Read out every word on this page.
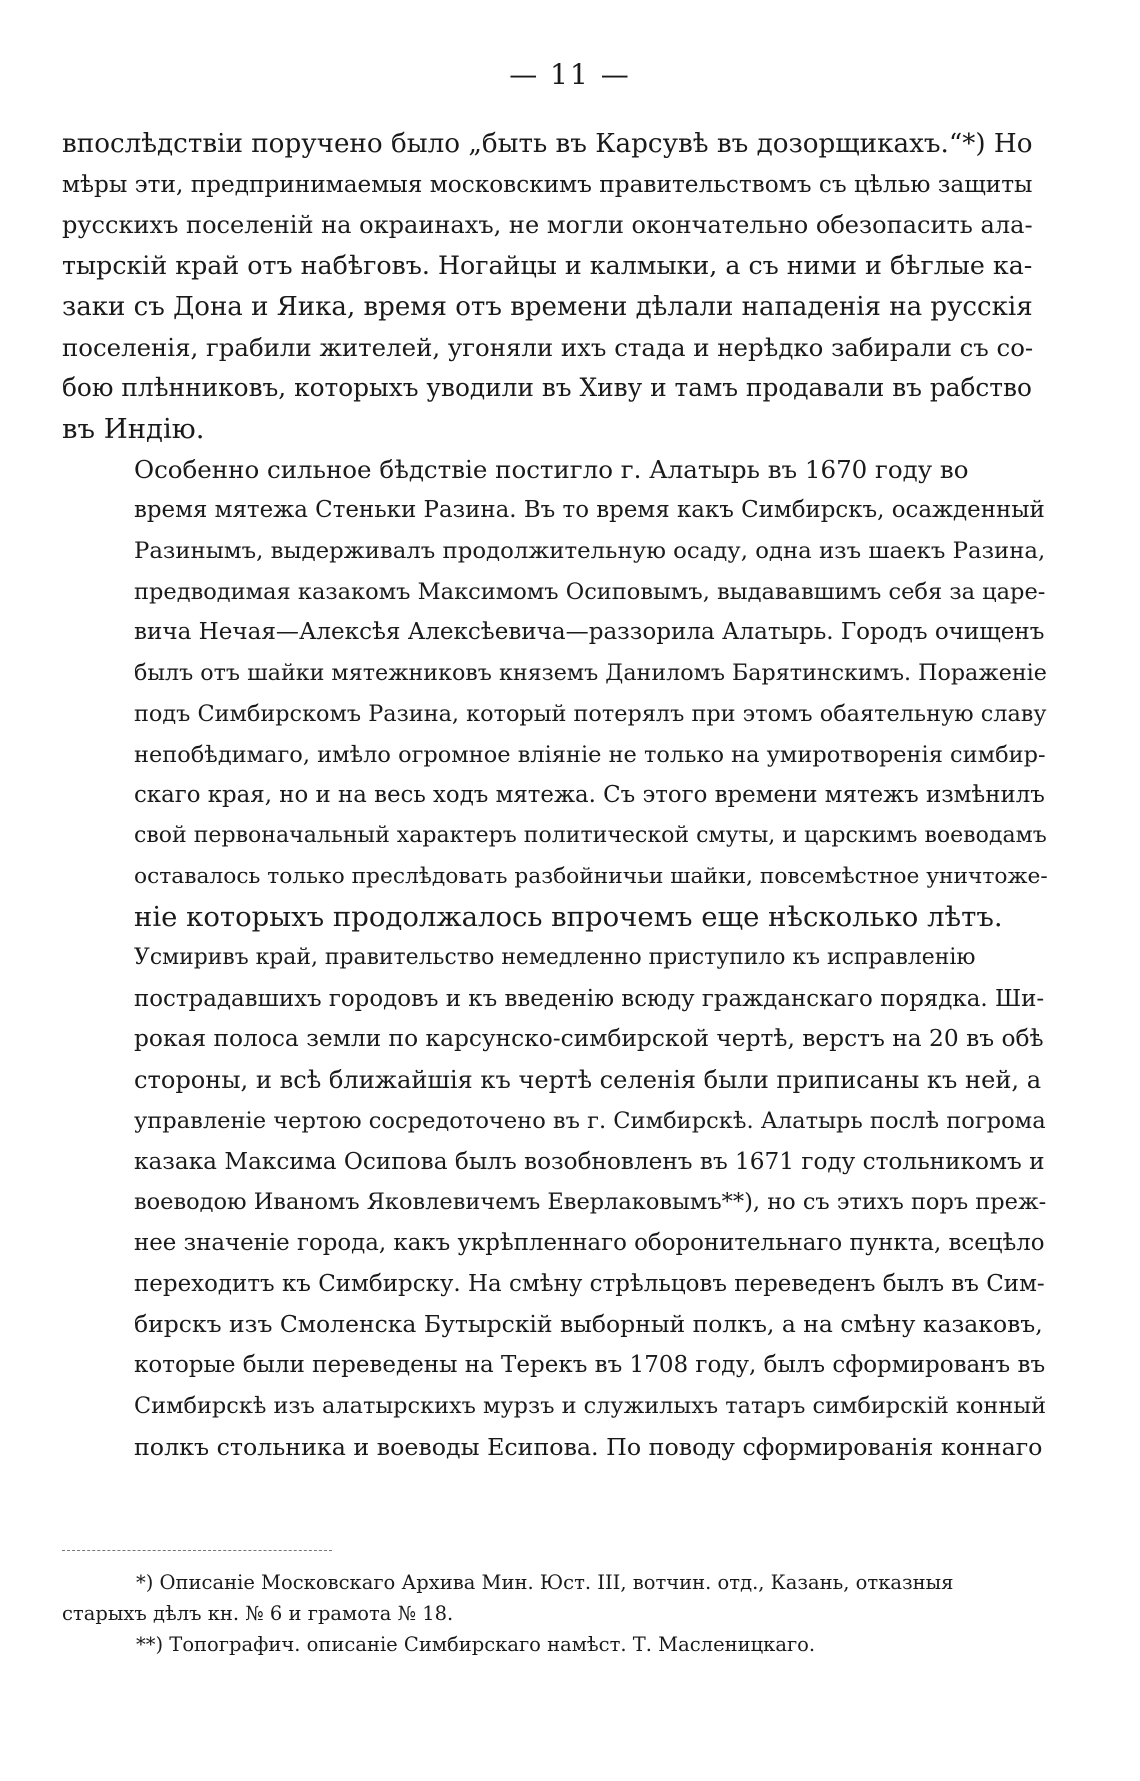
— 11 —

впослѣдствіи поручено было „быть въ Карсувѣ въ дозорщикахъ.“*) Но
мѣры эти, предпринимаемыя московскимъ правительствомъ съ цѣлью защиты
русскихъ поселеній на окраинахъ, не могли окончательно обезопасить ала-
тырскій край отъ набѣговъ. Ногайцы и калмыки, а съ ними и бѣглые ка-
заки съ Дона и Яика, время отъ времени дѣлали нападенія на русскія
поселенія, грабили жителей, угоняли ихъ стада и нерѣдко забирали съ со-
бою плѣнниковъ, которыхъ уводили въ Хиву и тамъ продавали въ рабство
въ Индію.

Особенно сильное бѣдствіе постигло г. Алатырь въ 1670 году во
время мятежа Стеньки Разина. Въ то время какъ Симбирскъ, осажденный
Разинымъ, выдерживалъ продолжительную осаду, одна изъ шаекъ Разина,
предводимая казакомъ Максимомъ Осиповымъ, выдававшимъ себя за царе-
вича Нечая—Алексѣя Алексѣевича—раззорила Алатырь. Городъ очищенъ
былъ отъ шайки мятежниковъ княземъ Даниломъ Барятинскимъ. Пораженіе
подъ Симбирскомъ Разина, который потерялъ при этомъ обаятельную славу
непобѣдимаго, имѣло огромное вліяніе не только на умиротворенія симбир-
скаго края, но и на весь ходъ мятежа. Съ этого времени мятежъ измѣнилъ
свой первоначальный характеръ политической смуты, и царскимъ воеводамъ
оставалось только преслѣдовать разбойничьи шайки, повсемѣстное уничтоже-
ніе которыхъ продолжалось впрочемъ еще нѣсколько лѣтъ.

Усмиривъ край, правительство немедленно приступило къ исправленію
пострадавшихъ городовъ и къ введенію всюду гражданскаго порядка. Ши-
рокая полоса земли по карсунско-симбирской чертѣ, верстъ на 20 въ обѣ
стороны, и всѣ ближайшія къ чертѣ селенія были приписаны къ ней, а
управленіе чертою сосредоточено въ г. Симбирскѣ. Алатырь послѣ погрома
казака Максима Осипова былъ возобновленъ въ 1671 году стольникомъ и
воеводою Иваномъ Яковлевичемъ Еверлаковымъ**), но съ этихъ поръ преж-
нее значеніе города, какъ укрѣпленнаго оборонительнаго пункта, всецѣло
переходитъ къ Симбирску. На смѣну стрѣльцовъ переведенъ былъ въ Сим-
бирскъ изъ Смоленска Бутырскій выборный полкъ, а на смѣну казаковъ,
которые были переведены на Терекъ въ 1708 году, былъ сформированъ въ
Симбирскѣ изъ алатырскихъ мурзъ и служилыхъ татаръ симбирскій конный
полкъ стольника и воеводы Есипова. По поводу сформированія коннаго

*) Описаніе Московскаго Архива Мин. Юст. III, вотчин. отд., Казань, отказныя
старыхъ дѣлъ кн. № 6 и грамота № 18.

**) Топографич. описаніе Симбирскаго намѣст. Т. Масленицкаго.
